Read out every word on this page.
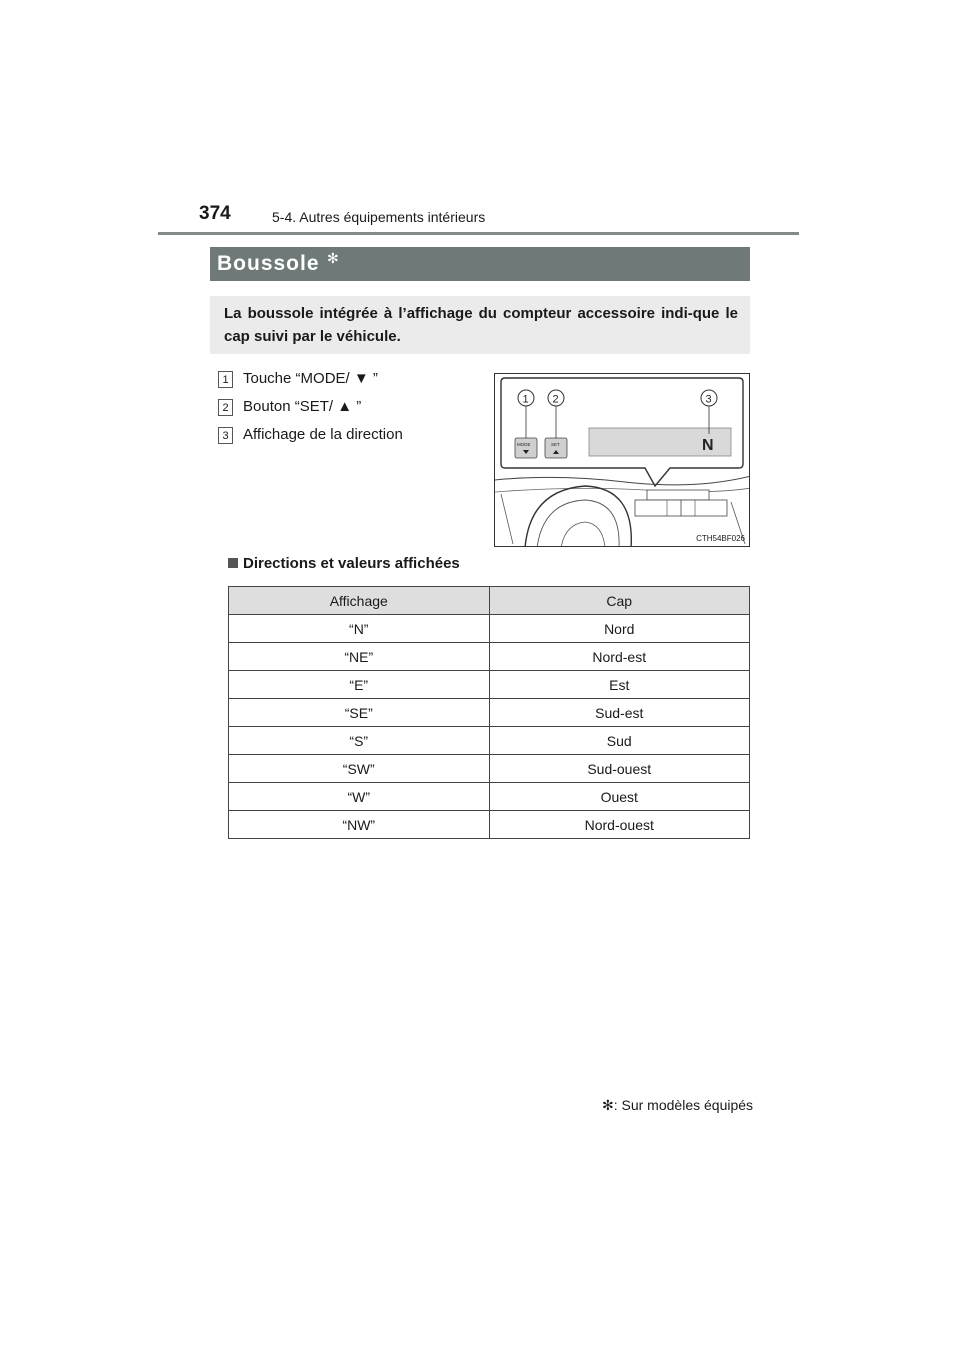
374	5-4. Autres équipements intérieurs
Boussole ✻
La boussole intégrée à l’affichage du compteur accessoire indi-que le cap suivi par le véhicule.
1 Touche “MODE/ ▼ ”
2 Bouton “SET/ ▲ ”
3 Affichage de la direction
N
MODE	SET
1 2	3
CTH54BF026
Directions et valeurs affichées
Affichage	Cap
“N”	Nord
“NE”	Nord-est
“E”	Est
“SE”	Sud-est
“S”	Sud
“SW”	Sud-ouest
“W”	Ouest
“NW”	Nord-ouest
✻: Sur modèles équipés
